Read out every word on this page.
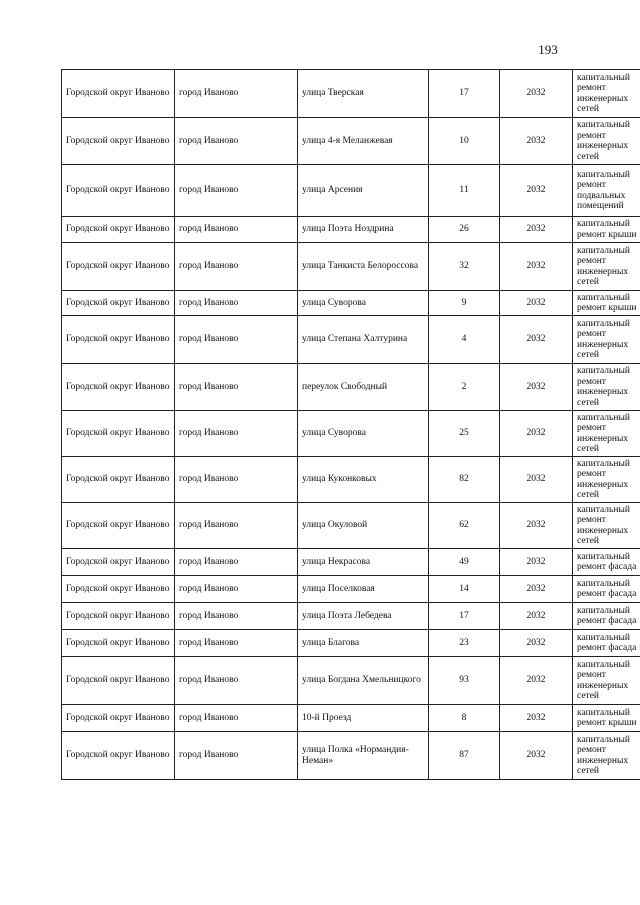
193
Городской округ Иваново	город Иваново	улица Тверская	17	2032	капитальный ремонт инженерных сетей
Городской округ Иваново	город Иваново	улица 4-я Меланжевая	10	2032	капитальный ремонт инженерных сетей
Городской округ Иваново	город Иваново	улица Арсения	11	2032	капитальный ремонт подвальных помещений
Городской округ Иваново	город Иваново	улица Поэта Ноздрина	26	2032	капитальный ремонт крыши
Городской округ Иваново	город Иваново	улица Танкиста Белороссова	32	2032	капитальный ремонт инженерных сетей
Городской округ Иваново	город Иваново	улица Суворова	9	2032	капитальный ремонт крыши
Городской округ Иваново	город Иваново	улица Степана Халтурина	4	2032	капитальный ремонт инженерных сетей
Городской округ Иваново	город Иваново	переулок Свободный	2	2032	капитальный ремонт инженерных сетей
Городской округ Иваново	город Иваново	улица Суворова	25	2032	капитальный ремонт инженерных сетей
Городской округ Иваново	город Иваново	улица Куконковых	82	2032	капитальный ремонт инженерных сетей
Городской округ Иваново	город Иваново	улица Окуловой	62	2032	капитальный ремонт инженерных сетей
Городской округ Иваново	город Иваново	улица Некрасова	49	2032	капитальный ремонт фасада
Городской округ Иваново	город Иваново	улица Поселковая	14	2032	капитальный ремонт фасада
Городской округ Иваново	город Иваново	улица Поэта Лебедева	17	2032	капитальный ремонт фасада
Городской округ Иваново	город Иваново	улица Благова	23	2032	капитальный ремонт фасада
Городской округ Иваново	город Иваново	улица Богдана Хмельницкого	93	2032	капитальный ремонт инженерных сетей
Городской округ Иваново	город Иваново	10-й Проезд	8	2032	капитальный ремонт крыши
Городской округ Иваново	город Иваново	улица Полка «Нормандия-Неман»	87	2032	капитальный ремонт инженерных сетей
